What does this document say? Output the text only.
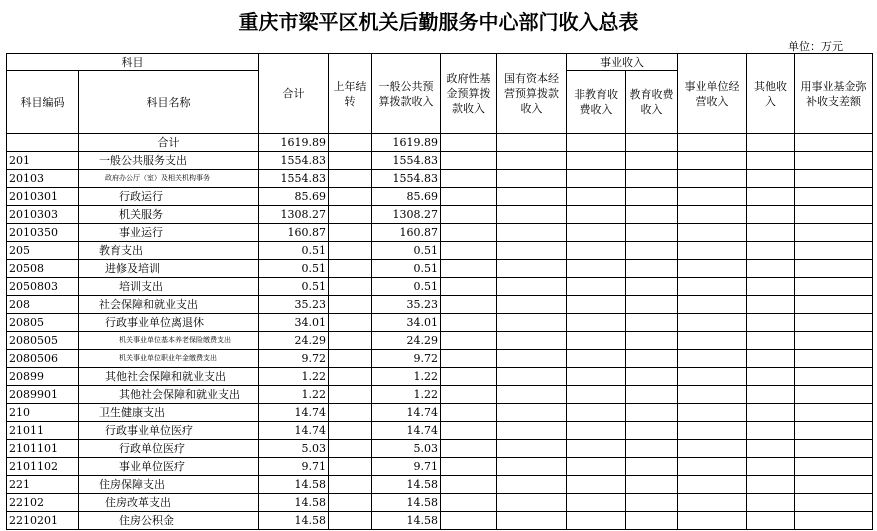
重庆市梁平区机关后勤服务中心部门收入总表
单位：万元
科目		合计	上年结转	一般公共预算拨款收入	政府性基金预算拨款收入	国有资本经营预算拨款收入	事业收入		事业单位经营收入	其他收入	用事业基金弥补收支差额
科目编码	科目名称						非教育收费收入	教育收费收入			
	合计	1619.89		1619.89							
201	一般公共服务支出	1554.83		1554.83							
20103	政府办公厅（室）及相关机构事务	1554.83		1554.83							
2010301	行政运行	85.69		85.69							
2010303	机关服务	1308.27		1308.27							
2010350	事业运行	160.87		160.87							
205	教育支出	0.51		0.51							
20508	进修及培训	0.51		0.51							
2050803	培训支出	0.51		0.51							
208	社会保障和就业支出	35.23		35.23							
20805	行政事业单位离退休	34.01		34.01							
2080505	机关事业单位基本养老保险缴费支出	24.29		24.29							
2080506	机关事业单位职业年金缴费支出	9.72		9.72							
20899	其他社会保障和就业支出	1.22		1.22							
2089901	其他社会保障和就业支出	1.22		1.22							
210	卫生健康支出	14.74		14.74							
21011	行政事业单位医疗	14.74		14.74							
2101101	行政单位医疗	5.03		5.03							
2101102	事业单位医疗	9.71		9.71							
221	住房保障支出	14.58		14.58							
22102	住房改革支出	14.58		14.58							
2210201	住房公积金	14.58		14.58							
